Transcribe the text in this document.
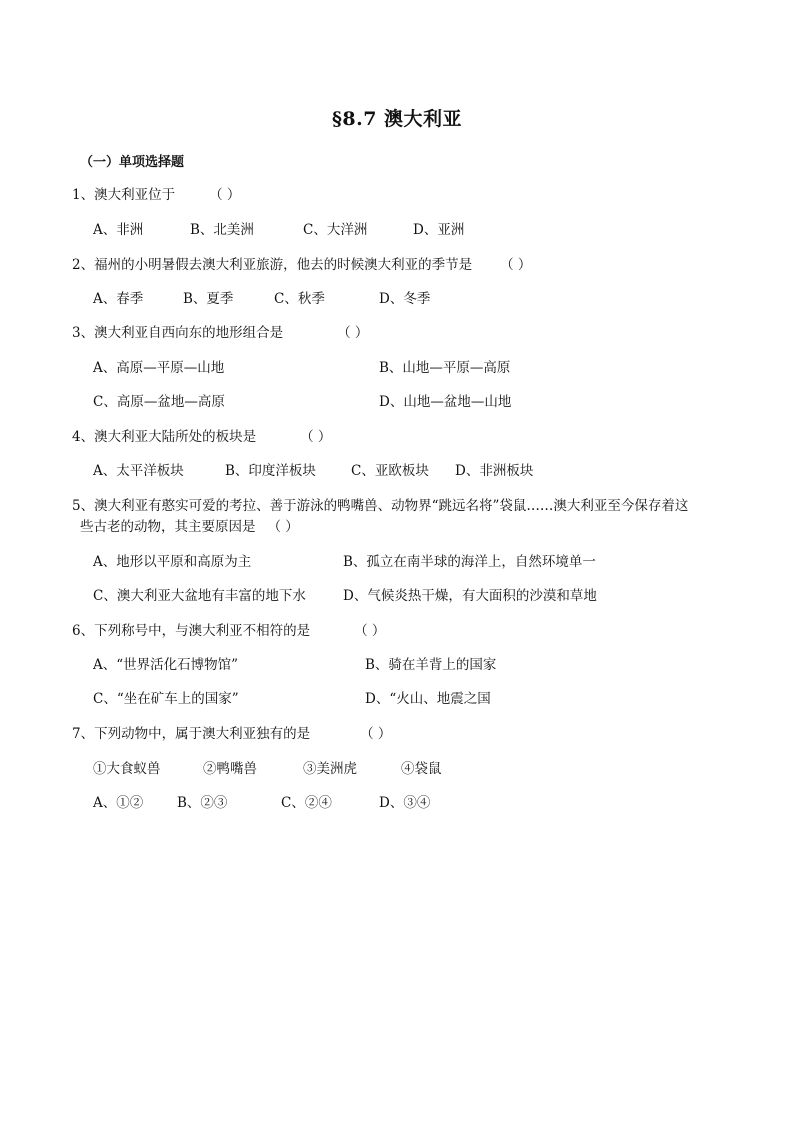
§8.7 澳大利亚
（一）单项选择题
1、澳大利亚位于	（ ）
A、非洲	B、北美洲	C、大洋洲	D、亚洲
2、福州的小明暑假去澳大利亚旅游，他去的时候澳大利亚的季节是 （ ）
A、春季	B、夏季	C、秋季	D、冬季
3、澳大利亚自西向东的地形组合是	（ ）
A、高原—平原—山地	B、山地—平原—高原
C、高原—盆地—高原	D、山地—盆地—山地
4、澳大利亚大陆所处的板块是	（ ）
A、太平洋板块	B、印度洋板块	C、亚欧板块 D、非洲板块
5、澳大利亚有憨实可爱的考拉、善于游泳的鸭嘴兽、动物界“跳远名将”袋鼠……澳大利亚至今保存着这
些古老的动物，其主要原因是 （ ）
A、地形以平原和高原为主	B、孤立在南半球的海洋上，自然环境单一
C、澳大利亚大盆地有丰富的地下水	D、气候炎热干燥，有大面积的沙漠和草地
6、下列称号中，与澳大利亚不相符的是	（ ）
A、“世界活化石博物馆”	B、骑在羊背上的国家
C、“坐在矿车上的国家”	D、“火山、地震之国
7、下列动物中，属于澳大利亚独有的是	（ ）
①大食蚁兽	②鸭嘴兽	③美洲虎	④袋鼠
A、①②	B、②③	C、②④	D、③④
